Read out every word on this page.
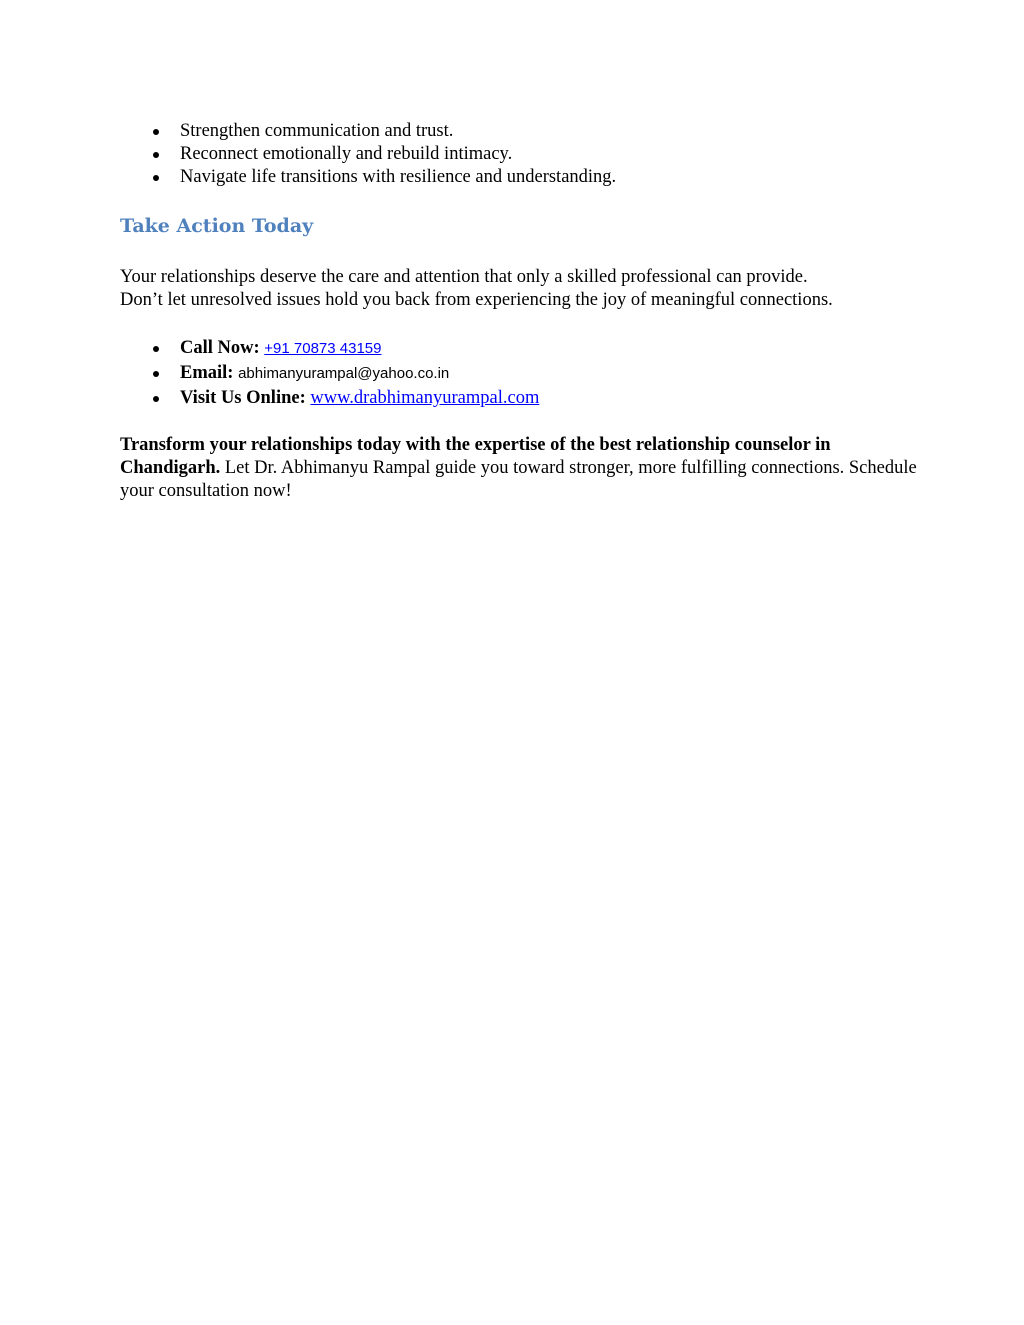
Strengthen communication and trust.
Reconnect emotionally and rebuild intimacy.
Navigate life transitions with resilience and understanding.
Take Action Today

Your relationships deserve the care and attention that only a skilled professional can provide.
Don’t let unresolved issues hold you back from experiencing the joy of meaningful connections.

Call Now: +91 70873 43159
Email: abhimanyurampal@yahoo.co.in
Visit Us Online: www.drabhimanyurampal.com

Transform your relationships today with the expertise of the best relationship counselor in Chandigarh. Let Dr. Abhimanyu Rampal guide you toward stronger, more fulfilling connections. Schedule your consultation now!
